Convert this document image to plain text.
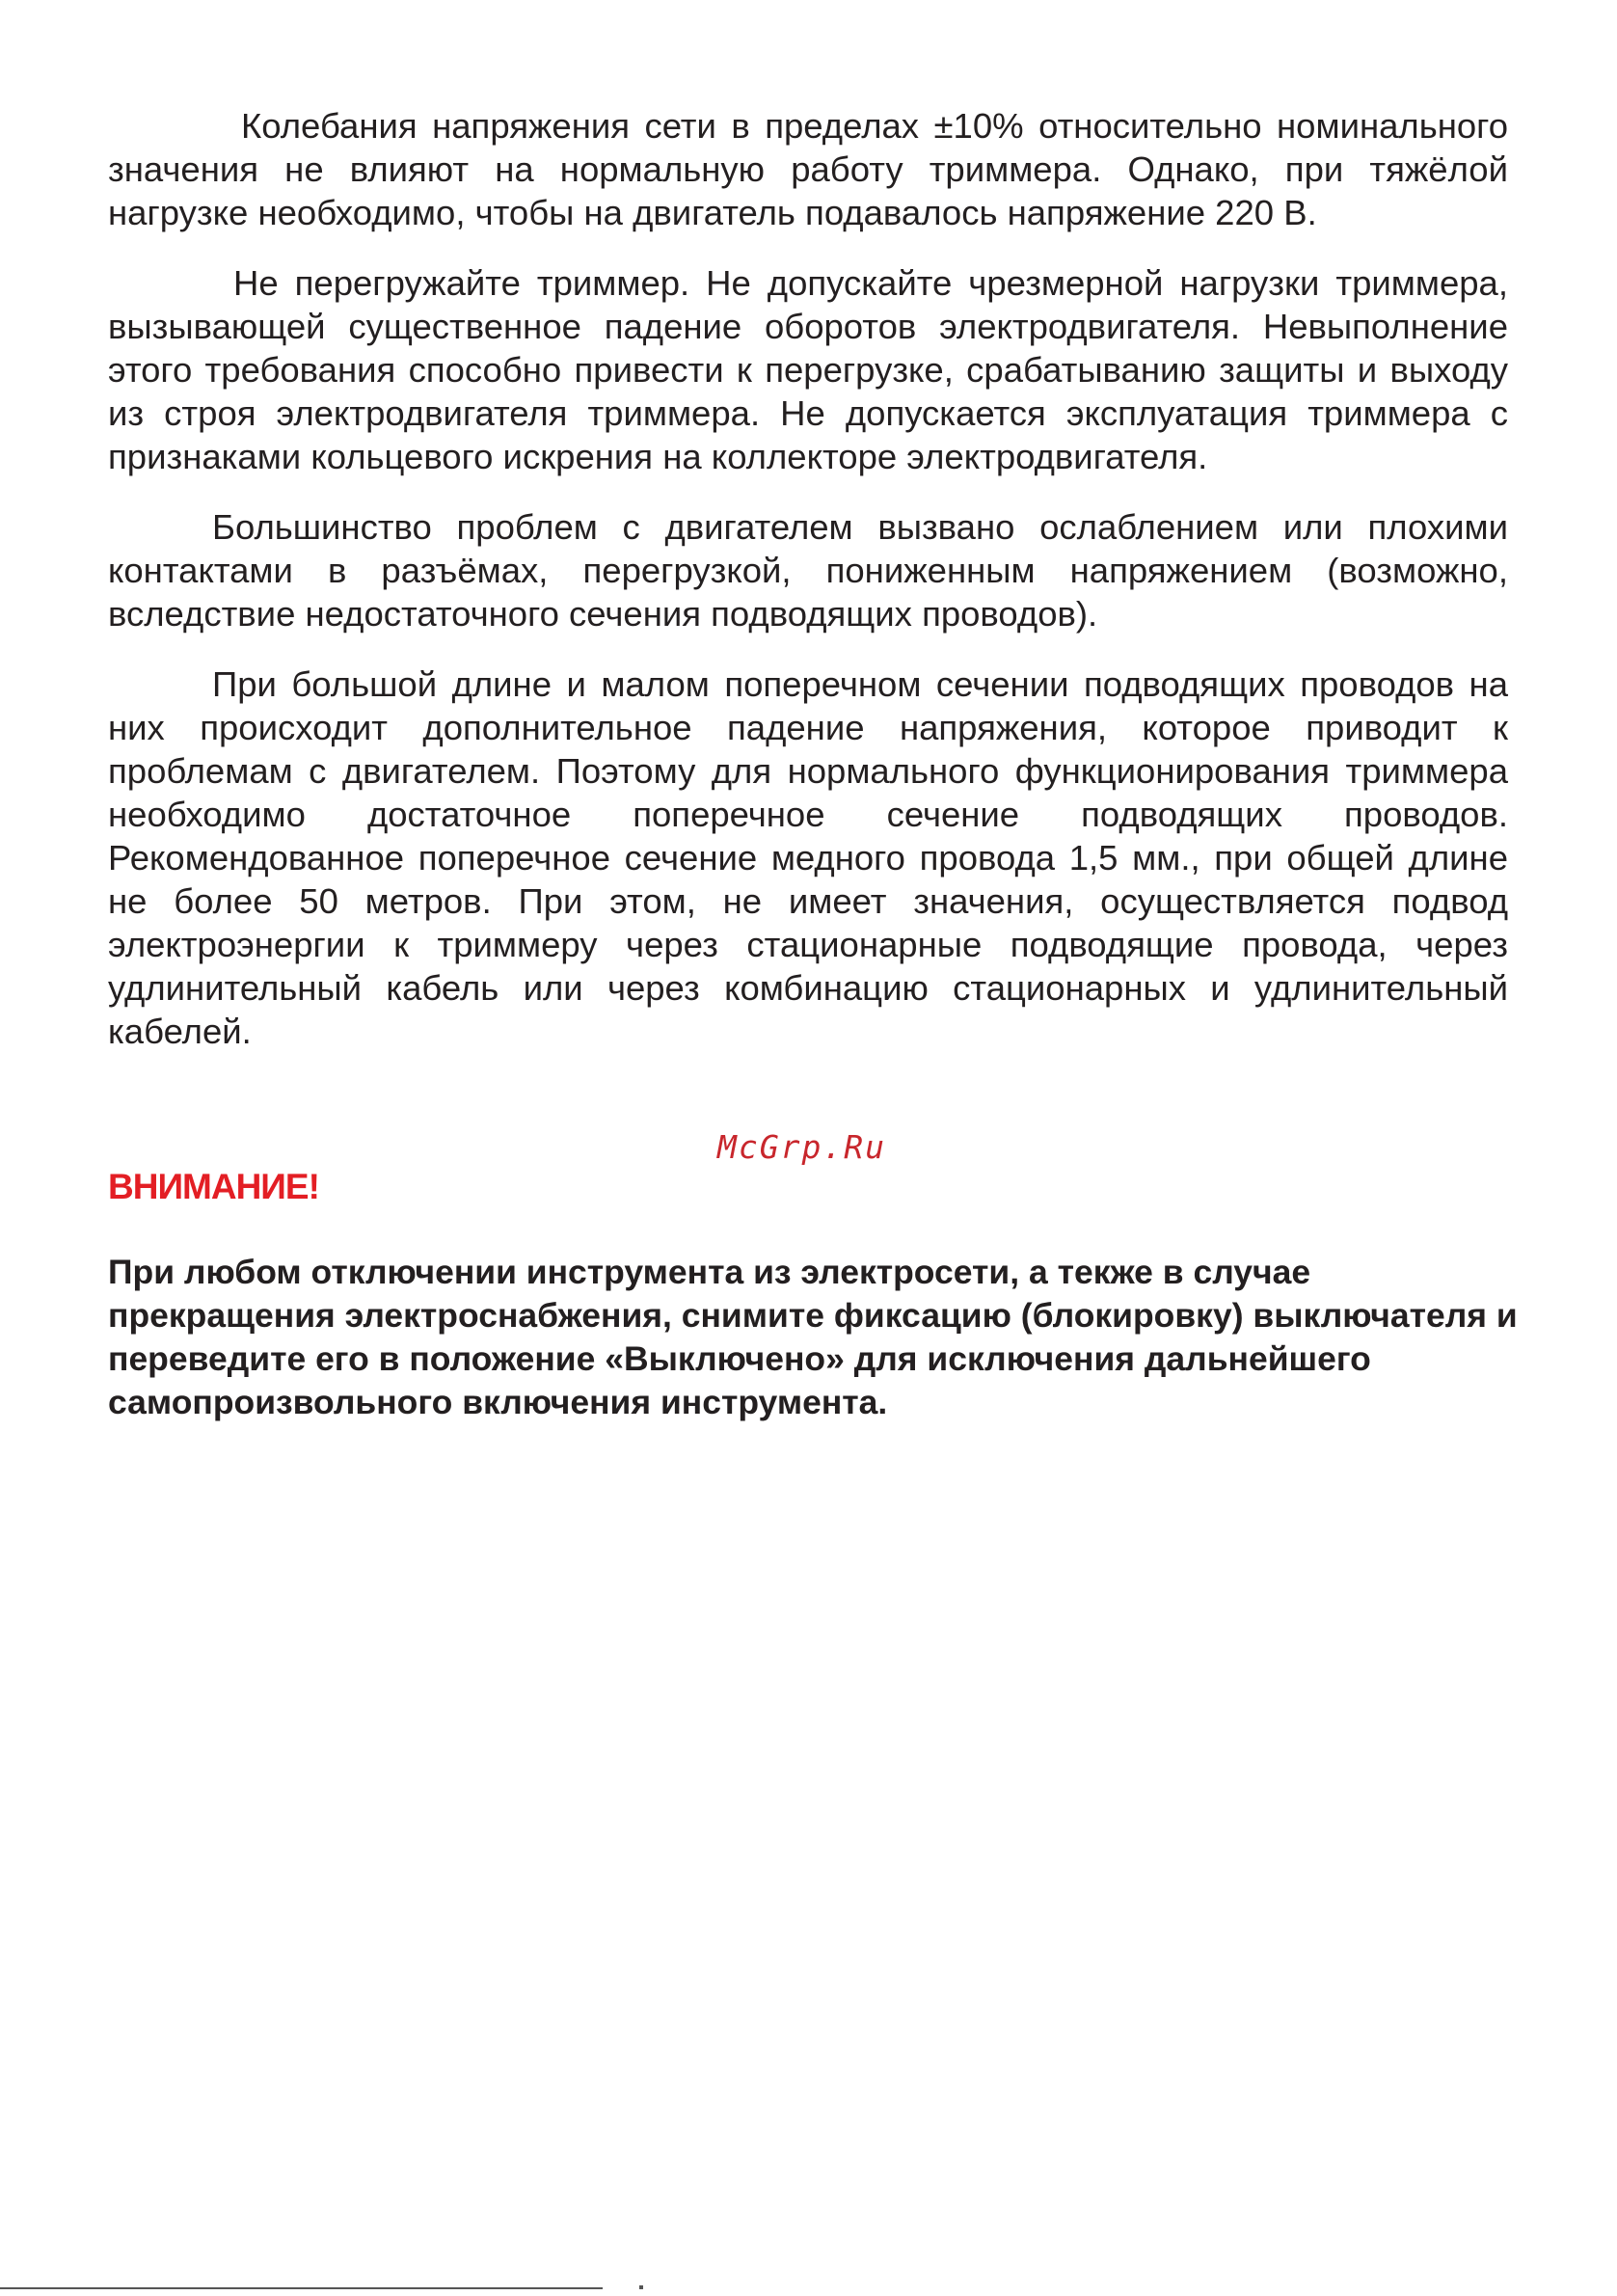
Колебания напряжения сети в пределах ±10% относительно номинального значения не влияют на нормальную работу триммера. Однако, при тяжёлой нагрузке необходимо, чтобы на двигатель подавалось напряжение 220 В.

Не перегружайте триммер. Не допускайте чрезмерной нагрузки триммера, вызывающей существенное падение оборотов электродвигателя. Невыполнение этого требования способно привести к перегрузке, срабатыванию защиты и выходу из строя электродвигателя триммера. Не допускается эксплуатация триммера с признаками кольцевого искрения на коллекторе электродвигателя.

Большинство проблем с двигателем вызвано ослаблением или плохими контактами в разъёмах, перегрузкой, пониженным напряжением (возможно, вследствие недостаточного сечения подводящих проводов).

При большой длине и малом поперечном сечении подводящих проводов на них происходит дополнительное падение напряжения, которое приводит к проблемам с двигателем. Поэтому для нормального функционирования триммера необходимо достаточное поперечное сечение подводящих проводов. Рекомендованное поперечное сечение медного провода 1,5 мм., при общей длине не более 50 метров. При этом, не имеет значения, осуществляется подвод электроэнергии к триммеру через стационарные подводящие провода, через удлинительный кабель или через комбинацию стационарных и удлинительный кабелей.

McGrp.Ru
ВНИМАНИЕ!

При любом отключении инструмента из электросети, а текже в случае прекращения электроснабжения, снимите фиксацию (блокировку) выключателя и переведите его в положение «Выключено» для исключения дальнейшего самопроизвольного включения инструмента.
